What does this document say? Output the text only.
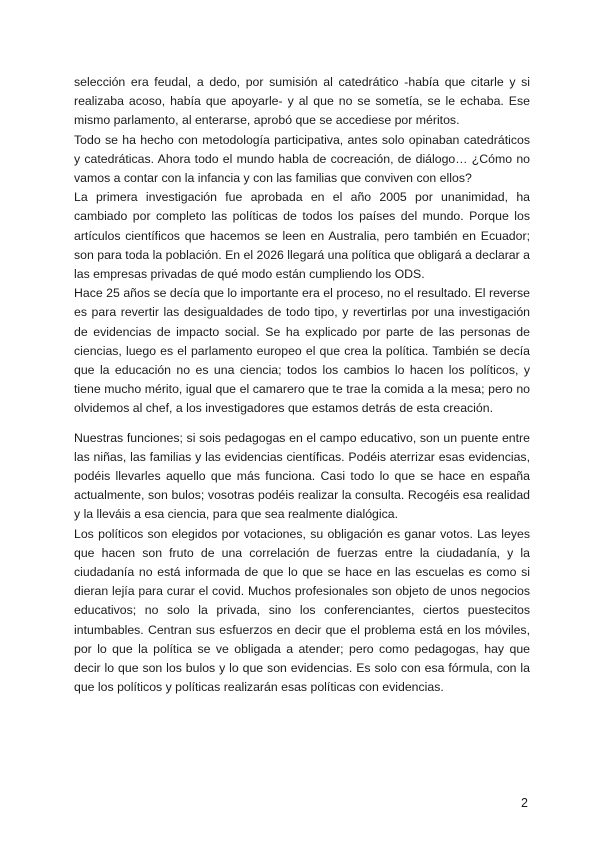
selección era feudal, a dedo, por sumisión al catedrático -había que citarle y si realizaba acoso, había que apoyarle- y al que no se sometía, se le echaba. Ese mismo parlamento, al enterarse, aprobó que se accediese por méritos.

Todo se ha hecho con metodología participativa, antes solo opinaban catedráticos y catedráticas. Ahora todo el mundo habla de cocreación, de diálogo… ¿Cómo no vamos a contar con la infancia y con las familias que conviven con ellos?

La primera investigación fue aprobada en el año 2005 por unanimidad, ha cambiado por completo las políticas de todos los países del mundo. Porque los artículos científicos que hacemos se leen en Australia, pero también en Ecuador; son para toda la población. En el 2026 llegará una política que obligará a declarar a las empresas privadas de qué modo están cumpliendo los ODS.

Hace 25 años se decía que lo importante era el proceso, no el resultado. El reverse es para revertir las desigualdades de todo tipo, y revertirlas por una investigación de evidencias de impacto social. Se ha explicado por parte de las personas de ciencias, luego es el parlamento europeo el que crea la política. También se decía que la educación no es una ciencia; todos los cambios lo hacen los políticos, y tiene mucho mérito, igual que el camarero que te trae la comida a la mesa; pero no olvidemos al chef, a los investigadores que estamos detrás de esta creación.

Nuestras funciones; si sois pedagogas en el campo educativo, son un puente entre las niñas, las familias y las evidencias científicas. Podéis aterrizar esas evidencias, podéis llevarles aquello que más funciona. Casi todo lo que se hace en españa actualmente, son bulos; vosotras podéis realizar la consulta. Recogéis esa realidad y la lleváis a esa ciencia, para que sea realmente dialógica.

Los políticos son elegidos por votaciones, su obligación es ganar votos. Las leyes que hacen son fruto de una correlación de fuerzas entre la ciudadanía, y la ciudadanía no está informada de que lo que se hace en las escuelas es como si dieran lejía para curar el covid. Muchos profesionales son objeto de unos negocios educativos; no solo la privada, sino los conferenciantes, ciertos puestecitos intumbables. Centran sus esfuerzos en decir que el problema está en los móviles, por lo que la política se ve obligada a atender; pero como pedagogas, hay que decir lo que son los bulos y lo que son evidencias. Es solo con esa fórmula, con la que los políticos y políticas realizarán esas políticas con evidencias.

2
